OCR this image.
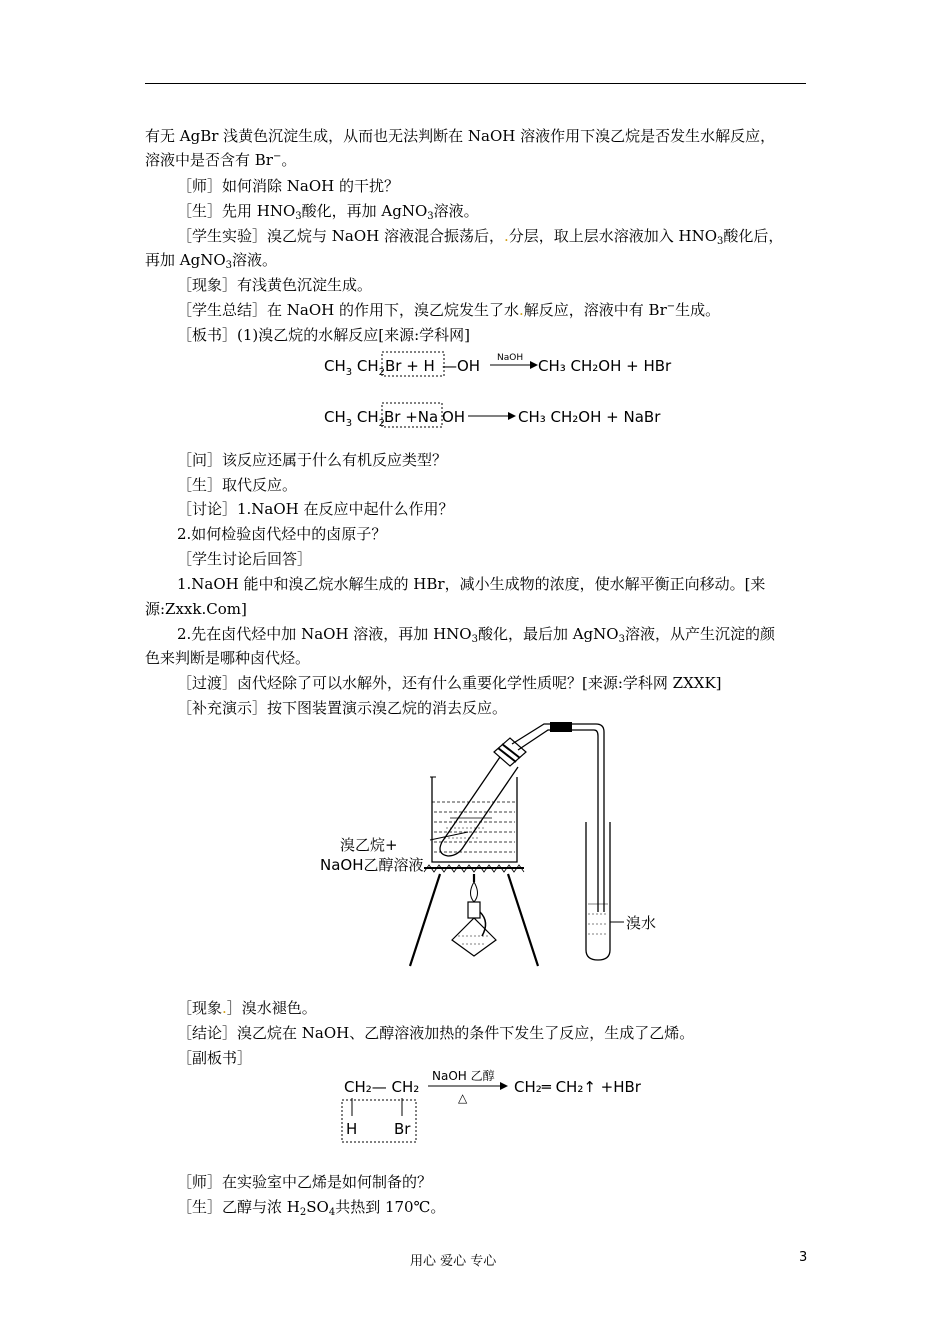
有无 AgBr 浅黄色沉淀生成，从而也无法判断在 NaOH 溶液作用下溴乙烷是否发生水解反应，
溶液中是否含有 Br−。
［师］如何消除 NaOH 的干扰？
［生］先用 $HNO_3$酸化，再加 AgNO$_3$溶液。
［学生实验］溴乙烷与 NaOH 溶液混合振荡后，.分层，取上层水溶液加入 $HNO_3$酸化后，
再加 AgNO$_3$溶液。
［现象］有浅黄色沉淀生成。
［学生总结］在 NaOH 的作用下，溴乙烷发生了水.解反应，溶液中有 Br−生成。
［板书］(1)溴乙烷的水解反应[来源:学科网]
$CH_3$ $CH_2$ Br + H —OH NaOH CH₃ CH₂OH + HBr
$CH_3$ $CH_2$
Br +Na OH	CH₃ CH₂OH + NaBr
［问］该反应还属于什么有机反应类型？
［生］取代反应。
［讨论］1.NaOH 在反应中起什么作用？
2.如何检验卤代烃中的卤原子？
［学生讨论后回答］
1.NaOH 能中和溴乙烷水解生成的 HBr，减小生成物的浓度，使水解平衡正向移动。[来
源:Zxxk.Com]
2.先在卤代烃中加 NaOH 溶液，再加 $HNO_3$酸化，最后加 AgNO$_3$溶液，从产生沉淀的颜
色来判断是哪种卤代烃。
［过渡］卤代烃除了可以水解外，还有什么重要化学性质呢？[来源:学科网 ZXXK]
［补充演示］按下图装置演示溴乙烷的消去反应。
溴水
溴乙烷+
NaOH乙醇溶液
［现象.］溴水褪色。
［结论］溴乙烷在 NaOH、乙醇溶液加热的条件下发生了反应，生成了乙烯。
［副板书］
CH₂— CH₂
H Br
NaOH 乙醇
△
CH₂═ CH₂↑ +HBr
［师］在实验室中乙烯是如何制备的？
［生］乙醇与浓 $H_2SO_4$共热到 170℃。
用心 爱心 专心	3
